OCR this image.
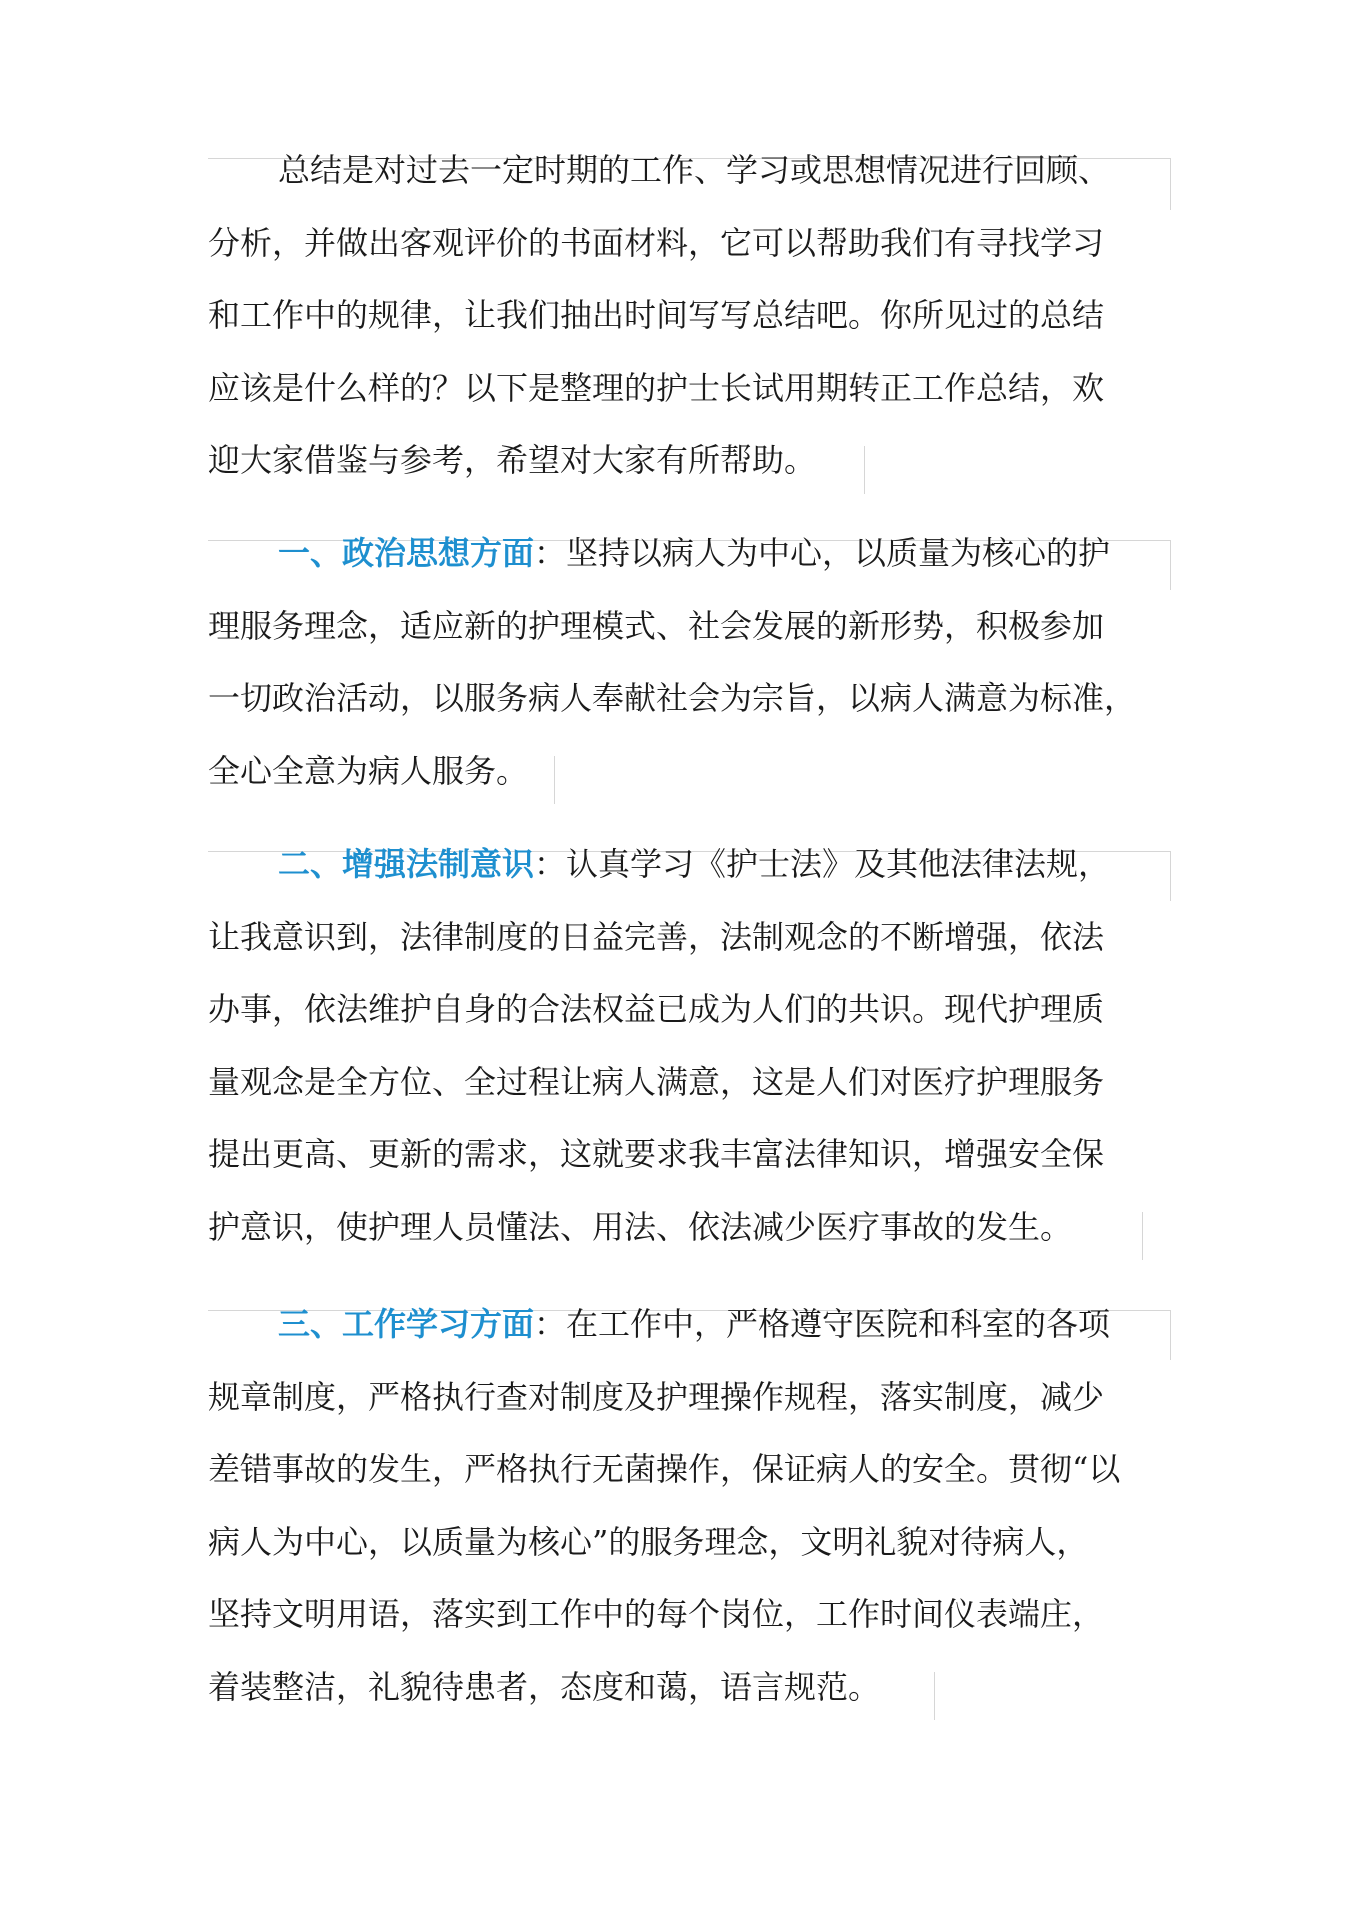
总结是对过去一定时期的工作、学习或思想情况进行回顾、
分析，并做出客观评价的书面材料，它可以帮助我们有寻找学习
和工作中的规律，让我们抽出时间写写总结吧。你所见过的总结
应该是什么样的？以下是整理的护士长试用期转正工作总结，欢
迎大家借鉴与参考，希望对大家有所帮助。
一、政治思想方面：坚持以病人为中心，以质量为核心的护
理服务理念，适应新的护理模式、社会发展的新形势，积极参加
一切政治活动，以服务病人奉献社会为宗旨，以病人满意为标准，
全心全意为病人服务。
二、增强法制意识：认真学习《护士法》及其他法律法规，
让我意识到，法律制度的日益完善，法制观念的不断增强，依法
办事，依法维护自身的合法权益已成为人们的共识。现代护理质
量观念是全方位、全过程让病人满意，这是人们对医疗护理服务
提出更高、更新的需求，这就要求我丰富法律知识，增强安全保
护意识，使护理人员懂法、用法、依法减少医疗事故的发生。
三、工作学习方面：在工作中，严格遵守医院和科室的各项
规章制度，严格执行查对制度及护理操作规程，落实制度，减少
差错事故的发生，严格执行无菌操作，保证病人的安全。贯彻“以
病人为中心，以质量为核心”的服务理念，文明礼貌对待病人，
坚持文明用语，落实到工作中的每个岗位，工作时间仪表端庄，
着装整洁，礼貌待患者，态度和蔼，语言规范。
